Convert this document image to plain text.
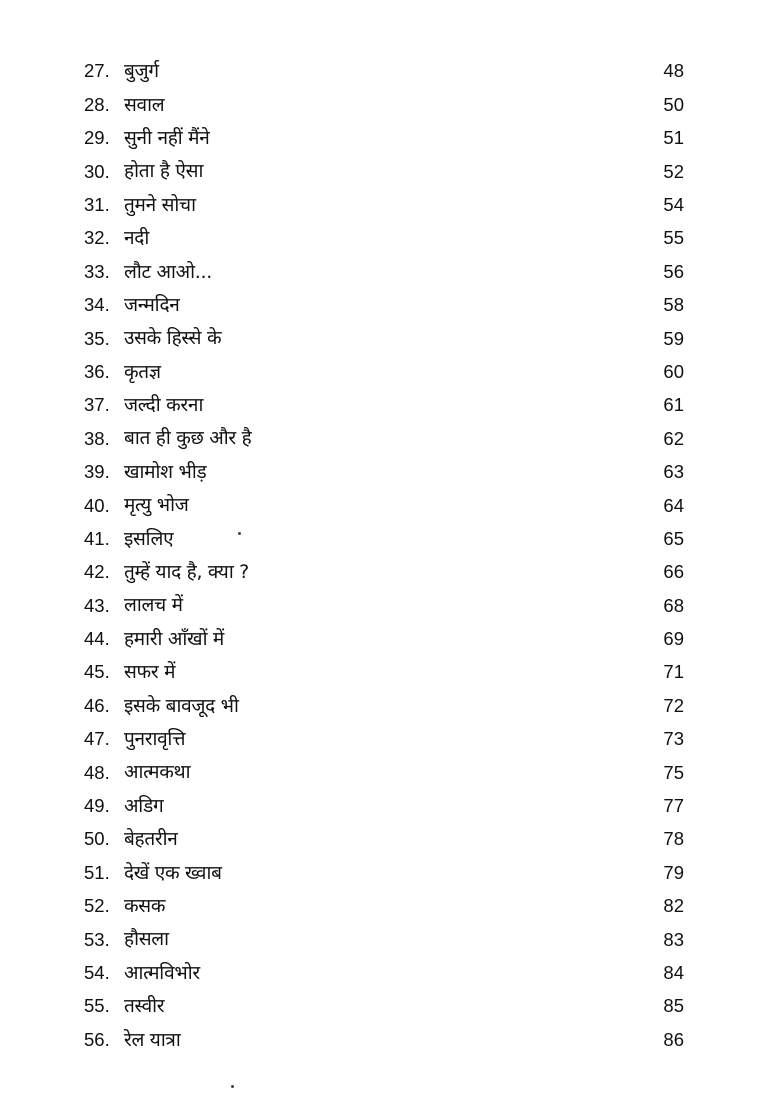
27. बुजुर्ग	48
28. सवाल	50
29. सुनी नहीं मैंने	51
30. होता है ऐसा	52
31. तुमने सोचा	54
32. नदी	55
33. लौट आओ...	56
34. जन्मदिन	58
35. उसके हिस्से के	59
36. कृतज्ञ	60
37. जल्दी करना	61
38. बात ही कुछ और है	62
39. खामोश भीड़	63
40. मृत्यु भोज	64
41. इसलिए	65
42. तुम्हें याद है, क्या ?	66
43. लालच में	68
44. हमारी आँखों में	69
45. सफर में	71
46. इसके बावजूद भी	72
47. पुनरावृत्ति	73
48. आत्मकथा	75
49. अडिग	77
50. बेहतरीन	78
51. देखें एक ख्वाब	79
52. कसक	82
53. हौसला	83
54. आत्मविभोर	84
55. तस्वीर	85
56. रेल यात्रा	86
